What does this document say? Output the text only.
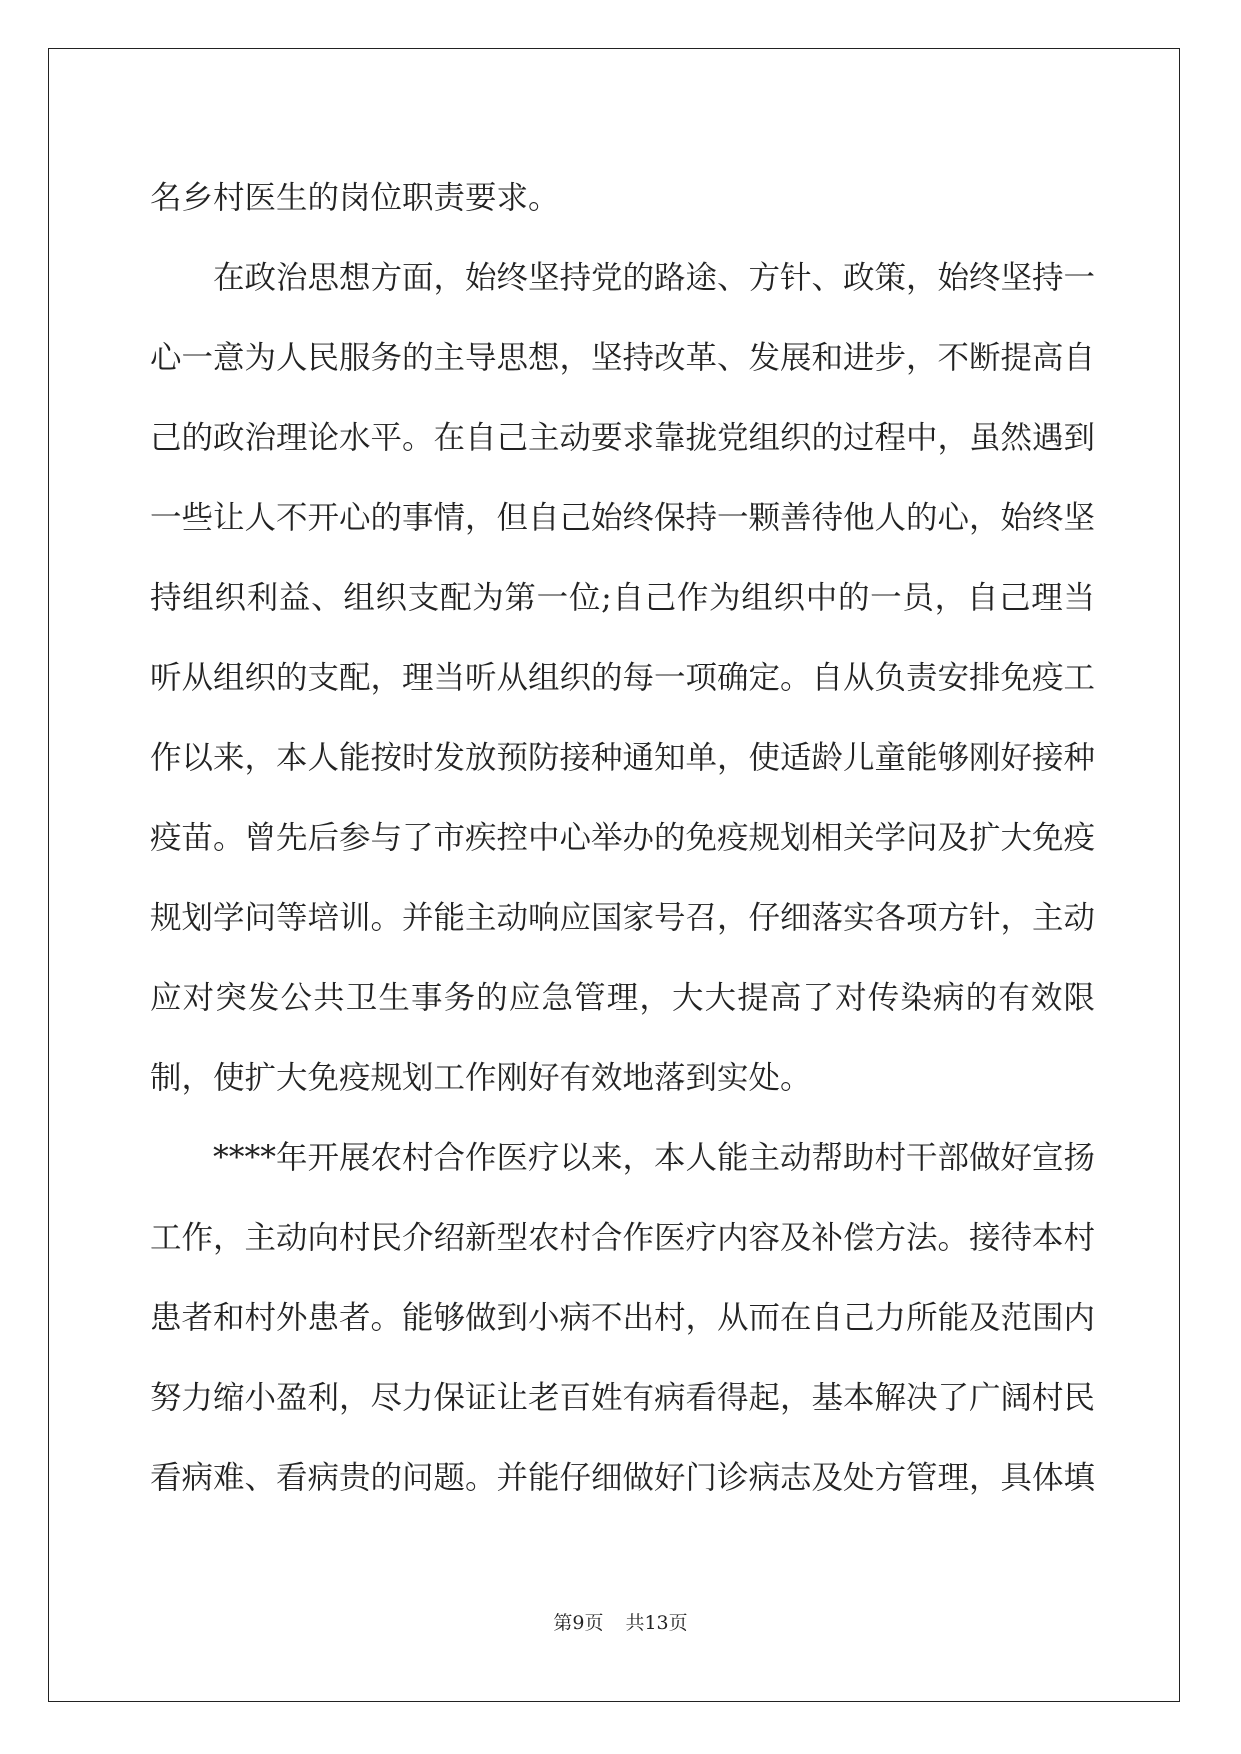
名乡村医生的岗位职责要求。

在政治思想方面，始终坚持党的路途、方针、政策，始终坚持一心一意为人民服务的主导思想，坚持改革、发展和进步，不断提高自己的政治理论水平。在自己主动要求靠拢党组织的过程中，虽然遇到一些让人不开心的事情，但自己始终保持一颗善待他人的心，始终坚持组织利益、组织支配为第一位;自己作为组织中的一员，自己理当听从组织的支配，理当听从组织的每一项确定。自从负责安排免疫工作以来，本人能按时发放预防接种通知单，使适龄儿童能够刚好接种疫苗。曾先后参与了市疾控中心举办的免疫规划相关学问及扩大免疫规划学问等培训。并能主动响应国家号召，仔细落实各项方针，主动应对突发公共卫生事务的应急管理，大大提高了对传染病的有效限制，使扩大免疫规划工作刚好有效地落到实处。

****年开展农村合作医疗以来，本人能主动帮助村干部做好宣扬工作，主动向村民介绍新型农村合作医疗内容及补偿方法。接待本村患者和村外患者。能够做到小病不出村，从而在自己力所能及范围内努力缩小盈利，尽力保证让老百姓有病看得起，基本解决了广阔村民看病难、看病贵的问题。并能仔细做好门诊病志及处方管理，具体填

第9页 共13页
